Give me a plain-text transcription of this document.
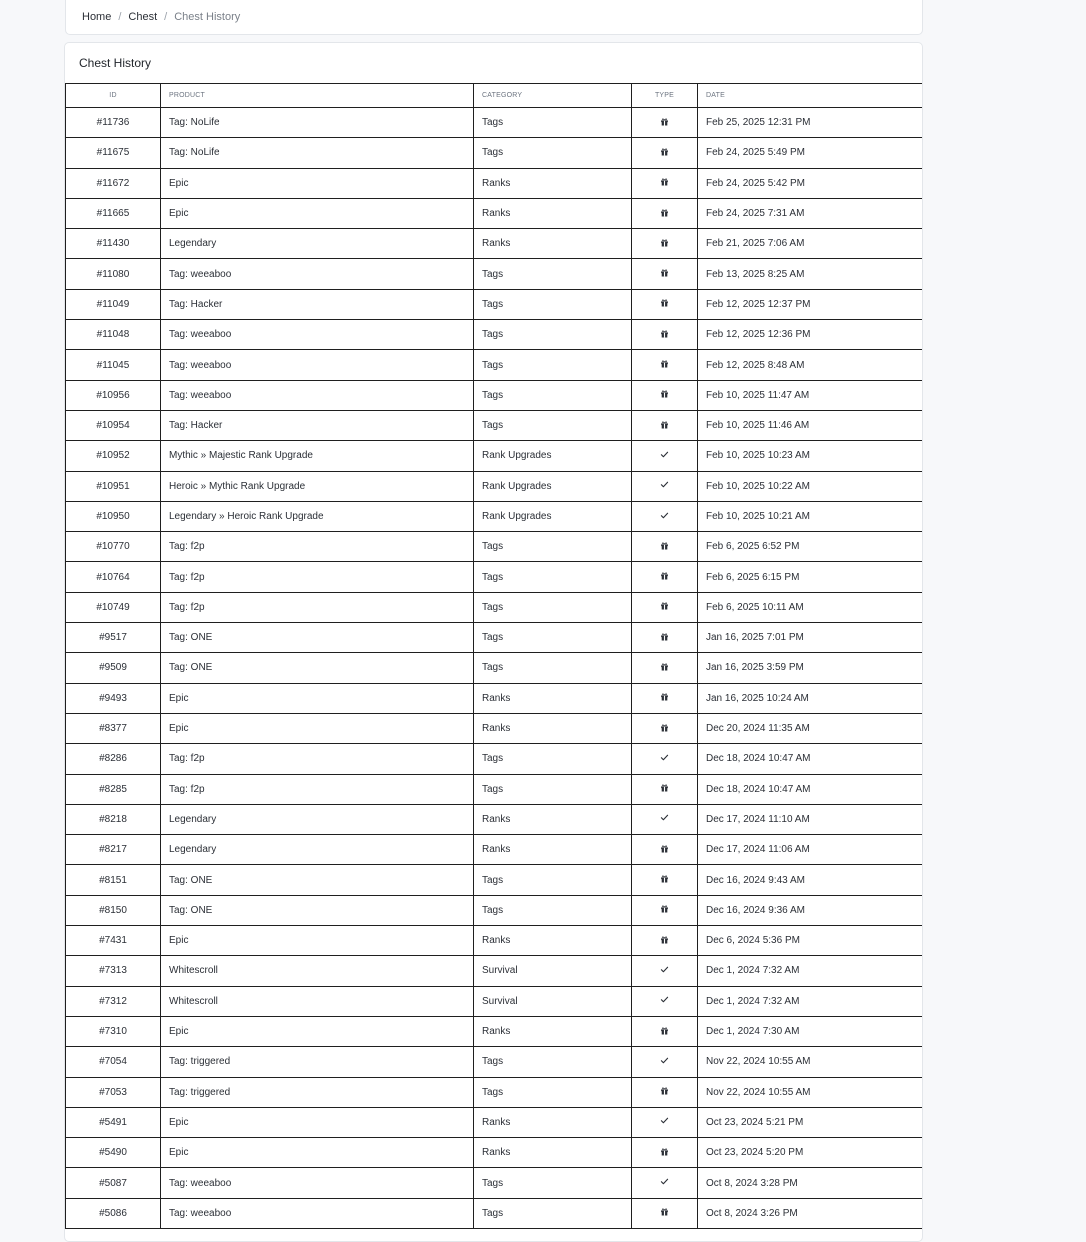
Home / Chest / Chest History
Chest History
ID	PRODUCT	CATEGORY	TYPE	DATE
#11736	Tag: NoLife	Tags		Feb 25, 2025 12:31 PM
#11675	Tag: NoLife	Tags		Feb 24, 2025 5:49 PM
#11672	Epic	Ranks		Feb 24, 2025 5:42 PM
#11665	Epic	Ranks		Feb 24, 2025 7:31 AM
#11430	Legendary	Ranks		Feb 21, 2025 7:06 AM
#11080	Tag: weeaboo	Tags		Feb 13, 2025 8:25 AM
#11049	Tag: Hacker	Tags		Feb 12, 2025 12:37 PM
#11048	Tag: weeaboo	Tags		Feb 12, 2025 12:36 PM
#11045	Tag: weeaboo	Tags		Feb 12, 2025 8:48 AM
#10956	Tag: weeaboo	Tags		Feb 10, 2025 11:47 AM
#10954	Tag: Hacker	Tags		Feb 10, 2025 11:46 AM
#10952	Mythic » Majestic Rank Upgrade	Rank Upgrades		Feb 10, 2025 10:23 AM
#10951	Heroic » Mythic Rank Upgrade	Rank Upgrades		Feb 10, 2025 10:22 AM
#10950	Legendary » Heroic Rank Upgrade	Rank Upgrades		Feb 10, 2025 10:21 AM
#10770	Tag: f2p	Tags		Feb 6, 2025 6:52 PM
#10764	Tag: f2p	Tags		Feb 6, 2025 6:15 PM
#10749	Tag: f2p	Tags		Feb 6, 2025 10:11 AM
#9517	Tag: ONE	Tags		Jan 16, 2025 7:01 PM
#9509	Tag: ONE	Tags		Jan 16, 2025 3:59 PM
#9493	Epic	Ranks		Jan 16, 2025 10:24 AM
#8377	Epic	Ranks		Dec 20, 2024 11:35 AM
#8286	Tag: f2p	Tags		Dec 18, 2024 10:47 AM
#8285	Tag: f2p	Tags		Dec 18, 2024 10:47 AM
#8218	Legendary	Ranks		Dec 17, 2024 11:10 AM
#8217	Legendary	Ranks		Dec 17, 2024 11:06 AM
#8151	Tag: ONE	Tags		Dec 16, 2024 9:43 AM
#8150	Tag: ONE	Tags		Dec 16, 2024 9:36 AM
#7431	Epic	Ranks		Dec 6, 2024 5:36 PM
#7313	Whitescroll	Survival		Dec 1, 2024 7:32 AM
#7312	Whitescroll	Survival		Dec 1, 2024 7:32 AM
#7310	Epic	Ranks		Dec 1, 2024 7:30 AM
#7054	Tag: triggered	Tags		Nov 22, 2024 10:55 AM
#7053	Tag: triggered	Tags		Nov 22, 2024 10:55 AM
#5491	Epic	Ranks		Oct 23, 2024 5:21 PM
#5490	Epic	Ranks		Oct 23, 2024 5:20 PM
#5087	Tag: weeaboo	Tags		Oct 8, 2024 3:28 PM
#5086	Tag: weeaboo	Tags		Oct 8, 2024 3:26 PM
